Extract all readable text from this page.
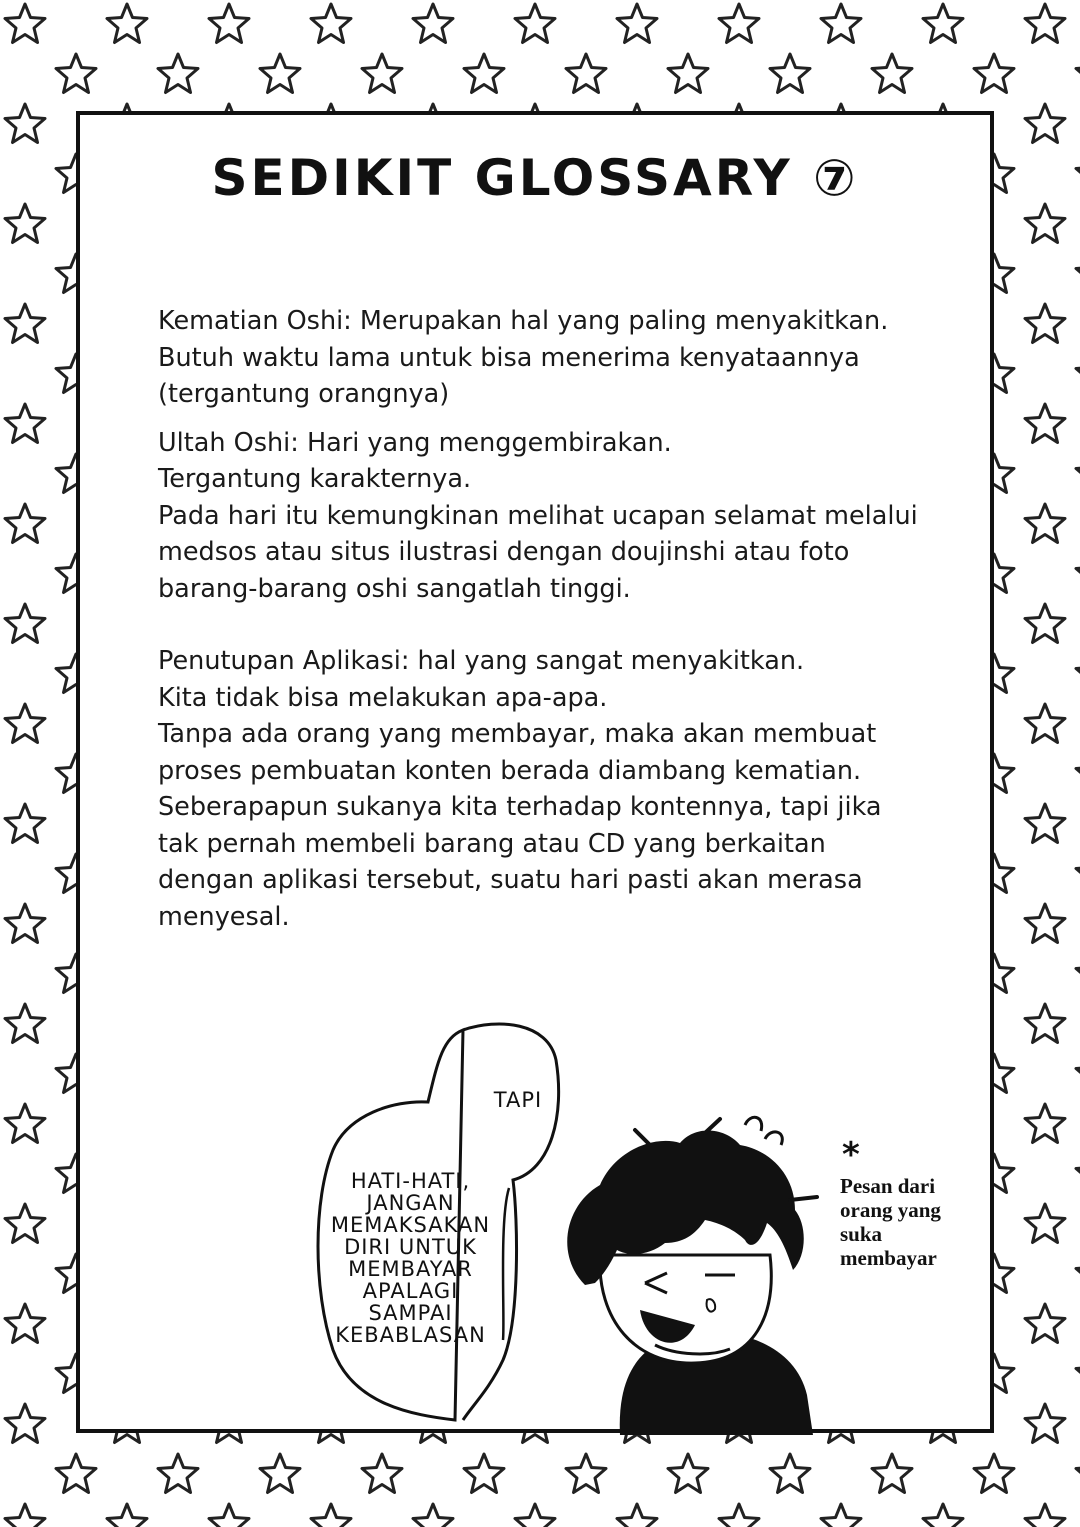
SEDIKIT GLOSSARY ⑦

Kematian Oshi: Merupakan hal yang paling menyakitkan.

Butuh waktu lama untuk bisa menerima kenyataannya

(tergantung orangnya)

Ultah Oshi: Hari yang menggembirakan.

Tergantung karakternya.

Pada hari itu kemungkinan melihat ucapan selamat melalui

medsos atau situs ilustrasi dengan doujinshi atau foto

barang-barang oshi sangatlah tinggi.

Penutupan Aplikasi: hal yang sangat menyakitkan.

Kita tidak bisa melakukan apa-apa.

Tanpa ada orang yang membayar, maka akan membuat

proses pembuatan konten berada diambang kematian.

Seberapapun sukanya kita terhadap kontennya, tapi jika

tak pernah membeli barang atau CD yang berkaitan

dengan aplikasi tersebut, suatu hari pasti akan merasa

menyesal.

TAPI
HATI-HATI,
JANGAN
MEMAKSAKAN
DIRI UNTUK
MEMBAYAR
APALAGI
SAMPAI
KEBABLASAN
*
Pesan dari
orang yang
suka
membayar
